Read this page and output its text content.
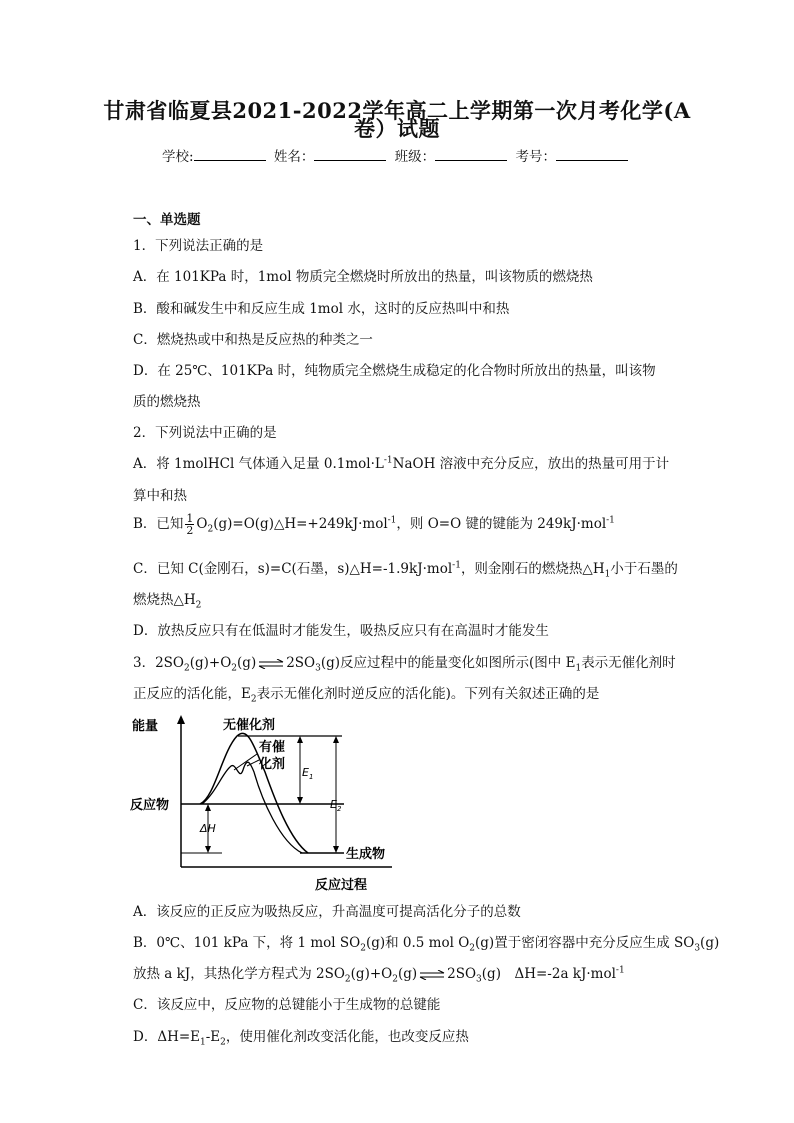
甘肃省临夏县2021-2022学年高二上学期第一次月考化学(A
卷）试题
学校:	姓名：	班级：	考号：
一、单选题
1．下列说法正确的是
A．在 101KPa 时，1mol 物质完全燃烧时所放出的热量，叫该物质的燃烧热
B．酸和碱发生中和反应生成 1mol 水，这时的反应热叫中和热
C．燃烧热或中和热是反应热的种类之一
D．在 25℃、101KPa 时，纯物质完全燃烧生成稳定的化合物时所放出的热量，叫该物
质的燃烧热
2．下列说法中正确的是
A．将 1molHCl 气体通入足量 $0.1mol\cdot L^{-1}NaOH$ 溶液中充分反应，放出的热量可用于计
算中和热
B．已知 $\frac{1}{2}$ $O_2(g)=O(g)\triangle H=+249kJ\cdot mol^{-1}$，则 O=O 键的键能为 249kJ·mol$^{-1}$
C．已知 C(金刚石，s)=C(石墨，s)△H=-1.9kJ·mol$^{-1}$，则金刚石的燃烧热$\triangle H_1$小于石墨的
燃烧热$\triangle H_2$
D．放热反应只有在低温时才能发生，吸热反应只有在高温时才能发生
3．$2SO_2(g)+O_2(g)$ ⇌ $2SO_3(g)$反应过程中的能量变化如图所示(图中 $E_1$表示无催化剂时
正反应的活化能，$E_2$表示无催化剂时逆反应的活化能)。下列有关叙述正确的是
能量
反应过程
反应物
生成物
无催化剂
有催
化剂
$E_1$
$E_2$
ΔH
A．该反应的正反应为吸热反应，升高温度可提高活化分子的总数
B．0℃、101 kPa 下，将 1 mol $SO_2(g)$和 0.5 mol $O_2(g)$置于密闭容器中充分反应生成 $SO_3(g)$
放热 a kJ，其热化学方程式为 $2SO_2(g)+O_2(g)$ ⇌ $2SO_3(g)$　ΔH=-2a kJ·mol$^{-1}$
C．该反应中，反应物的总键能小于生成物的总键能
D．$\Delta H=E_1-E_2$，使用催化剂改变活化能，也改变反应热
